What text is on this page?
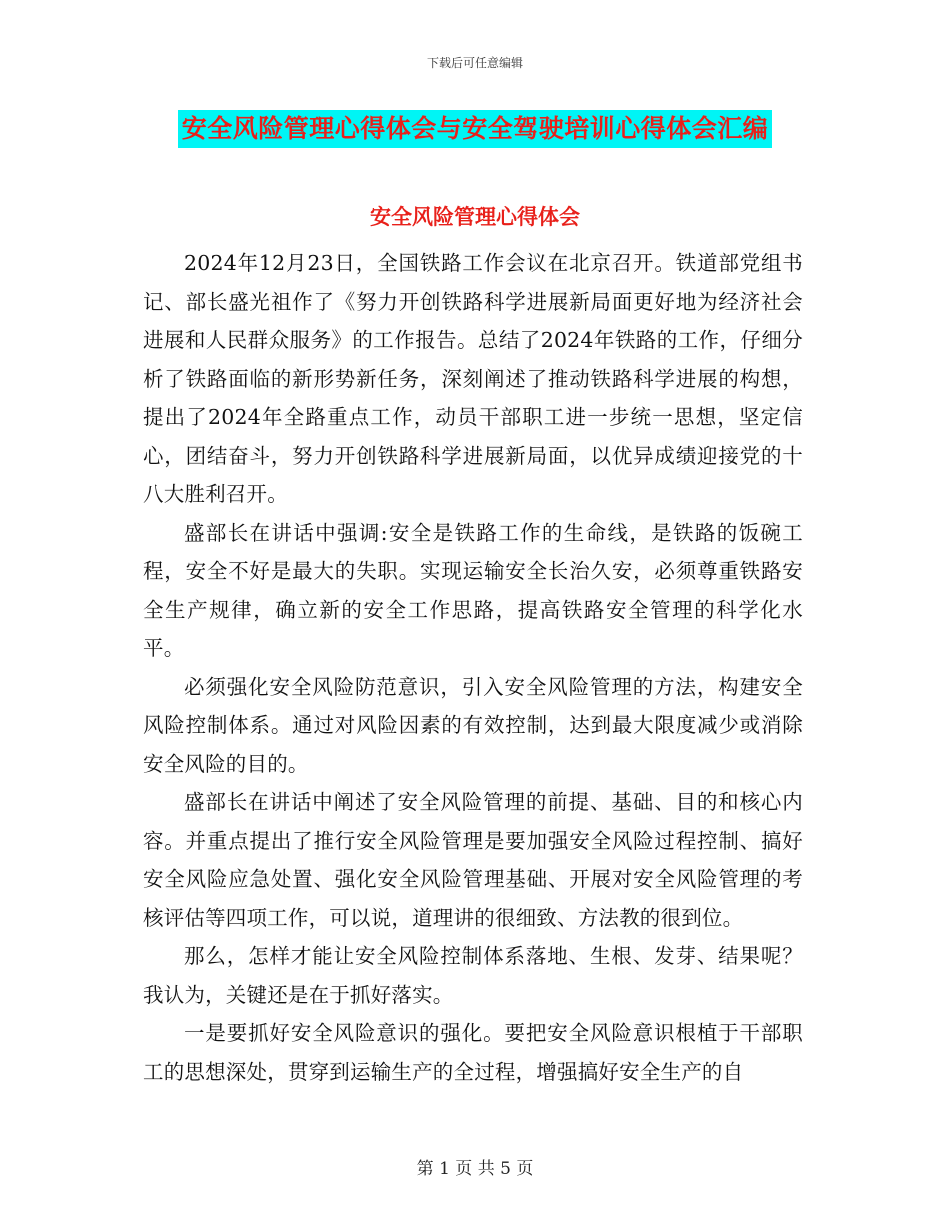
下载后可任意编辑
安全风险管理心得体会与安全驾驶培训心得体会汇编
安全风险管理心得体会

2024年12月23日，全国铁路工作会议在北京召开。铁道部党组书记、部长盛光祖作了《努力开创铁路科学进展新局面更好地为经济社会进展和人民群众服务》的工作报告。总结了2024年铁路的工作，仔细分析了铁路面临的新形势新任务，深刻阐述了推动铁路科学进展的构想，提出了2024年全路重点工作，动员干部职工进一步统一思想，坚定信心，团结奋斗，努力开创铁路科学进展新局面，以优异成绩迎接党的十八大胜利召开。

盛部长在讲话中强调:安全是铁路工作的生命线，是铁路的饭碗工程，安全不好是最大的失职。实现运输安全长治久安，必须尊重铁路安全生产规律，确立新的安全工作思路，提高铁路安全管理的科学化水平。

必须强化安全风险防范意识，引入安全风险管理的方法，构建安全风险控制体系。通过对风险因素的有效控制，达到最大限度减少或消除安全风险的目的。

盛部长在讲话中阐述了安全风险管理的前提、基础、目的和核心内容。并重点提出了推行安全风险管理是要加强安全风险过程控制、搞好安全风险应急处置、强化安全风险管理基础、开展对安全风险管理的考核评估等四项工作，可以说，道理讲的很细致、方法教的很到位。

那么，怎样才能让安全风险控制体系落地、生根、发芽、结果呢？我认为，关键还是在于抓好落实。

一是要抓好安全风险意识的强化。要把安全风险意识根植于干部职工的思想深处，贯穿到运输生产的全过程，增强搞好安全生产的自

第 1 页 共 5 页
